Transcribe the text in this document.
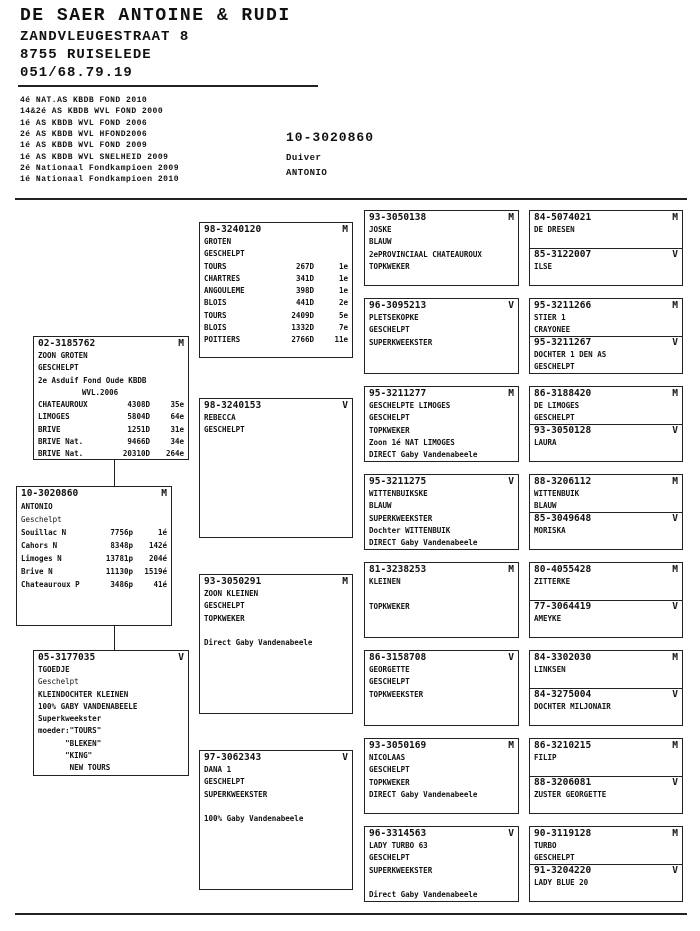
DE SAER ANTOINE & RUDI
ZANDVLEUGESTRAAT 8
8755 RUISELEDE
051/68.79.19
4é NAT.AS KBDB FOND 2010
14&2é AS KBDB WVL FOND 2000
1é AS KBDB WVL FOND 2006
2é AS KBDB WVL HFOND2006
1é AS KBDB WVL FOND 2009
1é AS KBDB WVL SNELHEID 2009
2é Nationaal Fondkampioen 2009
1é Nationaal Fondkampioen 2010
10-3020860
Duiver
ANTONIO
10-3020860	M
ANTONIO
Geschelpt
Souillac N	7756p	1é
Cahors N	8348p	142é
Limoges N	13781p	204é
Brive N	11130p	1519é
Chateauroux P	3486p	41é
02-3185762	M
ZOON GROTEN
GESCHELPT
2e Asduif Fond Oude KBDB
WVL.2006
CHATEAUROUX	4308D	35e
LIMOGES	5804D	64e
BRIVE	1251D	31e
BRIVE Nat.	9466D	34e
BRIVE Nat.	20310D	264e
05-3177035	V
TGOEDJE
Geschelpt
KLEINDOCHTER KLEINEN
100% GABY VANDENABEELE
Superkweekster
moeder:"TOURS"
"BLEKEN"
"KING"
NEW TOURS
98-3240120	M
GROTEN
GESCHELPT
TOURS	267D	1e
CHARTRES	341D	1e
ANGOULEME	398D	1e
BLOIS	441D	2e
TOURS	2409D	5e
BLOIS	1332D	7e
POITIERS	2766D	11e
98-3240153	V
REBECCA
GESCHELPT
93-3050291	M
ZOON KLEINEN
GESCHELPT
TOPKWEKER

Direct Gaby Vandenabeele
97-3062343	V
DANA 1
GESCHELPT
SUPERKWEEKSTER

100% Gaby Vandenabeele
93-3050138	M
JOSKE
BLAUW
2ePROVINCIAAL CHATEAUROUX
TOPKWEKER
96-3095213	V
PLETSEKOPKE
GESCHELPT
SUPERKWEEKSTER
95-3211277	M
GESCHELPTE LIMOGES
GESCHELPT
TOPKWEKER
Zoon 1é NAT LIMOGES
DIRECT Gaby Vandenabeele
95-3211275	V
WITTENBUIKSKE
BLAUW
SUPERKWEEKSTER
Dochter WITTENBUIK
DIRECT Gaby Vandenabeele
81-3238253	M
KLEINEN

TOPKWEKER
86-3158708	V
GEORGETTE
GESCHELPT
TOPKWEEKSTER
93-3050169	M
NICOLAAS
GESCHELPT
TOPKWEKER
DIRECT Gaby Vandenabeele
96-3314563	V
LADY TURBO 63
GESCHELPT
SUPERKWEEKSTER

Direct Gaby Vandenabeele
84-5074021	M
DE DRESEN
85-3122007	V
ILSE
95-3211266	M
STIER 1
CRAYONEE
95-3211267	V
DOCHTER 1 DEN AS
GESCHELPT
86-3188420	M
DE LIMOGES
GESCHELPT
93-3050128	V
LAURA
88-3206112	M
WITTENBUIK
BLAUW
85-3049648	V
MORISKA
80-4055428	M
ZITTERKE
77-3064419	V
AMEYKE
84-3302030	M
LINKSEN
84-3275004	V
DOCHTER MILJONAIR
86-3210215	M
FILIP
88-3206081	V
ZUSTER GEORGETTE
90-3119128	M
TURBO
GESCHELPT
91-3204220	V
LADY BLUE 20
